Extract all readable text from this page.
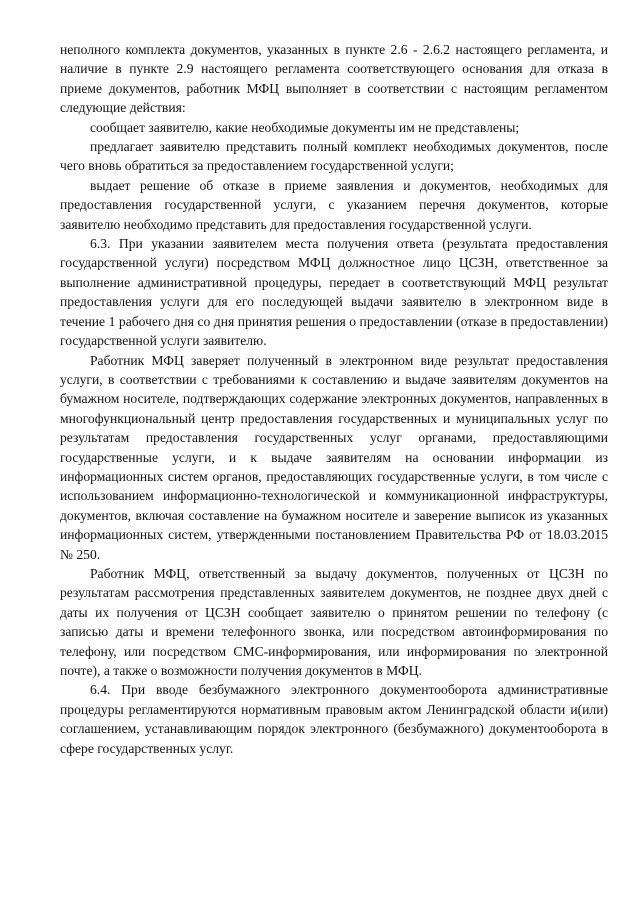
неполного комплекта документов, указанных в пункте 2.6 - 2.6.2 настоящего регламента, и наличие в пункте 2.9 настоящего регламента соответствующего основания для отказа в приеме документов, работник МФЦ выполняет в соответствии с настоящим регламентом следующие действия:

сообщает заявителю, какие необходимые документы им не представлены;

предлагает заявителю представить полный комплект необходимых документов, после чего вновь обратиться за предоставлением государственной услуги;

выдает решение об отказе в приеме заявления и документов, необходимых для предоставления государственной услуги, с указанием перечня документов, которые заявителю необходимо представить для предоставления государственной услуги.

6.3. При указании заявителем места получения ответа (результата предоставления государственной услуги) посредством МФЦ должностное лицо ЦСЗН, ответственное за выполнение административной процедуры, передает в соответствующий МФЦ результат предоставления услуги для его последующей выдачи заявителю в электронном виде в течение 1 рабочего дня со дня принятия решения о предоставлении (отказе в предоставлении) государственной услуги заявителю.

Работник МФЦ заверяет полученный в электронном виде результат предоставления услуги, в соответствии с требованиями к составлению и выдаче заявителям документов на бумажном носителе, подтверждающих содержание электронных документов, направленных в многофункциональный центр предоставления государственных и муниципальных услуг по результатам предоставления государственных услуг органами, предоставляющими государственные услуги, и к выдаче заявителям на основании информации из информационных систем органов, предоставляющих государственные услуги, в том числе с использованием информационно-технологической и коммуникационной инфраструктуры, документов, включая составление на бумажном носителе и заверение выписок из указанных информационных систем, утвержденными постановлением Правительства РФ от 18.03.2015 № 250.

Работник МФЦ, ответственный за выдачу документов, полученных от ЦСЗН по результатам рассмотрения представленных заявителем документов, не позднее двух дней с даты их получения от ЦСЗН сообщает заявителю о принятом решении по телефону (с записью даты и времени телефонного звонка, или посредством автоинформирования по телефону, или посредством СМС-информирования, или информирования по электронной почте), а также о возможности получения документов в МФЦ.

6.4. При вводе безбумажного электронного документооборота административные процедуры регламентируются нормативным правовым актом Ленинградской области и(или) соглашением, устанавливающим порядок электронного (безбумажного) документооборота в сфере государственных услуг.
